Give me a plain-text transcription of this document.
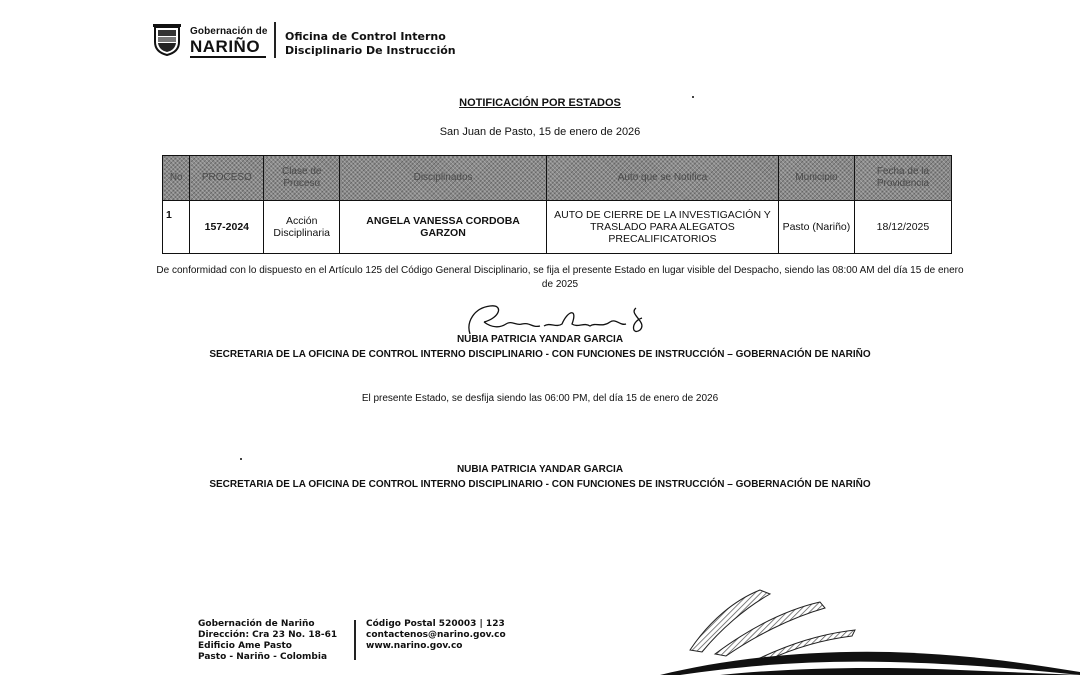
Gobernación de
NARIÑO
Oficina de Control Interno
Disciplinario De Instrucción
NOTIFICACIÓN POR ESTADOS
San Juan de Pasto, 15 de enero de 2026
No	PROCESO	Clase de Proceso	Disciplinados	Auto que se Notifica	Municipio	Fecha de la Providencia
1	157-2024	Acción Disciplinaria	ANGELA VANESSA CORDOBA GARZON	AUTO DE CIERRE DE LA INVESTIGACIÓN Y TRASLADO PARA ALEGATOS PRECALIFICATORIOS	Pasto (Nariño)	18/12/2025
De conformidad con lo dispuesto en el Artículo 125 del Código General Disciplinario, se fija el presente Estado en lugar visible del Despacho, siendo las 08:00 AM del día 15 de enero de 2025
NUBIA PATRICIA YANDAR GARCIA
SECRETARIA DE LA OFICINA DE CONTROL INTERNO DISCIPLINARIO - CON FUNCIONES DE INSTRUCCIÓN – GOBERNACIÓN DE NARIÑO
El presente Estado, se desfija siendo las 06:00 PM, del día 15 de enero de 2026
NUBIA PATRICIA YANDAR GARCIA
SECRETARIA DE LA OFICINA DE CONTROL INTERNO DISCIPLINARIO - CON FUNCIONES DE INSTRUCCIÓN – GOBERNACIÓN DE NARIÑO
Gobernación de Nariño
Dirección: Cra 23 No. 18-61
Edificio Ame Pasto
Pasto - Nariño - Colombia
Código Postal 520003 | 123
contactenos@narino.gov.co
www.narino.gov.co
